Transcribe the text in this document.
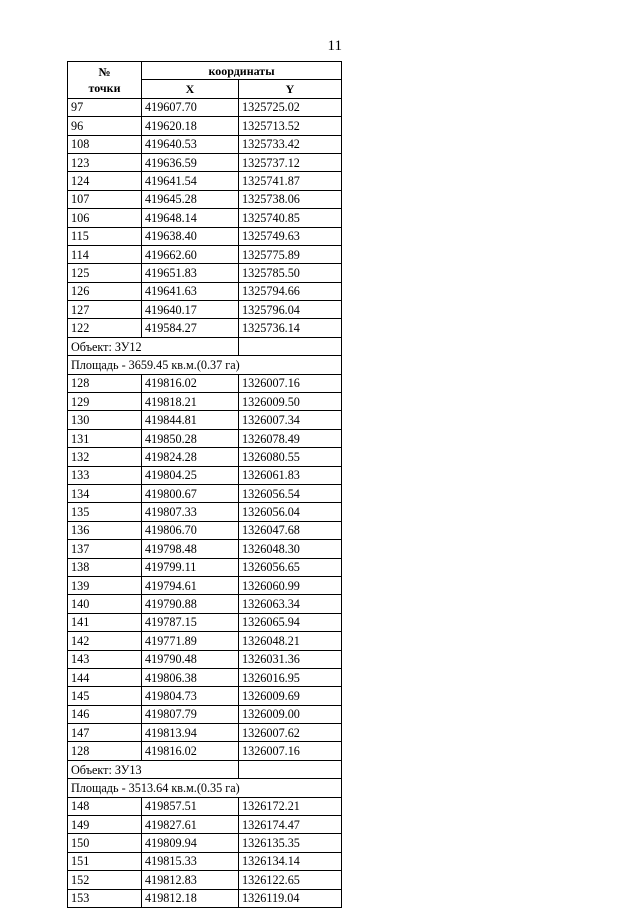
11
№
точки	координаты	
	X	Y
97	419607.70	1325725.02
96	419620.18	1325713.52
108	419640.53	1325733.42
123	419636.59	1325737.12
124	419641.54	1325741.87
107	419645.28	1325738.06
106	419648.14	1325740.85
115	419638.40	1325749.63
114	419662.60	1325775.89
125	419651.83	1325785.50
126	419641.63	1325794.66
127	419640.17	1325796.04
122	419584.27	1325736.14
Объект: ЗУ12		
Площадь - 3659.45 кв.м.(0.37 га)		
128	419816.02	1326007.16
129	419818.21	1326009.50
130	419844.81	1326007.34
131	419850.28	1326078.49
132	419824.28	1326080.55
133	419804.25	1326061.83
134	419800.67	1326056.54
135	419807.33	1326056.04
136	419806.70	1326047.68
137	419798.48	1326048.30
138	419799.11	1326056.65
139	419794.61	1326060.99
140	419790.88	1326063.34
141	419787.15	1326065.94
142	419771.89	1326048.21
143	419790.48	1326031.36
144	419806.38	1326016.95
145	419804.73	1326009.69
146	419807.79	1326009.00
147	419813.94	1326007.62
128	419816.02	1326007.16
Объект: ЗУ13		
Площадь - 3513.64 кв.м.(0.35 га)		
148	419857.51	1326172.21
149	419827.61	1326174.47
150	419809.94	1326135.35
151	419815.33	1326134.14
152	419812.83	1326122.65
153	419812.18	1326119.04
